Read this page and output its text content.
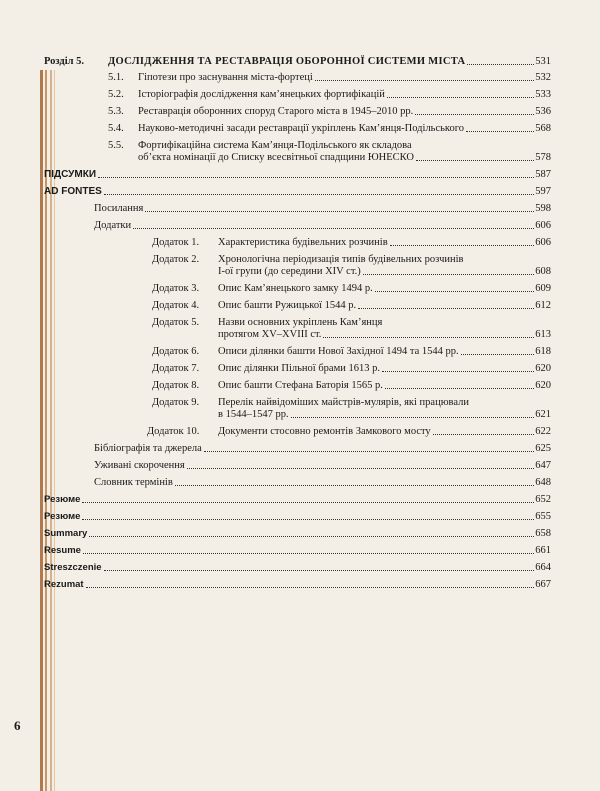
Розділ 5. ДОСЛІДЖЕННЯ ТА РЕСТАВРАЦІЯ ОБОРОННОЇ СИСТЕМИ МІСТА	531
5.1. Гіпотези про заснування міста-фортеці	532
5.2. Історіографія дослідження кам’янецьких фортифікацій	533
5.3. Реставрація оборонних споруд Старого міста в 1945–2010 рр.	536
5.4. Науково-методичні засади реставрації укріплень Кам’янця-Подільського	568
5.5. Фортифікаційна система Кам’янця-Подільського як складова
об’єкта номінації до Списку всесвітньої спадщини ЮНЕСКО	578
ПІДСУМКИ	587
AD FONTES	597
Посилання	598
Додатки	606
Додаток 1. Характеристика будівельних розчинів	606
Додаток 2. Хронологічна періодизація типів будівельних розчинів
І-ої групи (до середини XIV ст.)	608
Додаток 3. Опис Кам’янецького замку 1494 р.	609
Додаток 4. Опис башти Ружицької 1544 р.	612
Додаток 5. Назви основних укріплень Кам’янця
протягом XV–XVIII ст.	613
Додаток 6. Описи ділянки башти Нової Західної 1494 та 1544 рр.	618
Додаток 7. Опис ділянки Пільної брами 1613 р.	620
Додаток 8. Опис башти Стефана Баторія 1565 р.	620
Додаток 9. Перелік найвідоміших майстрів-мулярів, які працювали
в 1544–1547 рр.	621
Додаток 10. Документи стосовно ремонтів Замкового мосту	622
Бібліографія та джерела	625
Уживані скорочення	647
Словник термінів	648
Резюме	652
Резюме	655
Summary	658
Resume	661
Streszczenie	664
Rezumat	667
6
